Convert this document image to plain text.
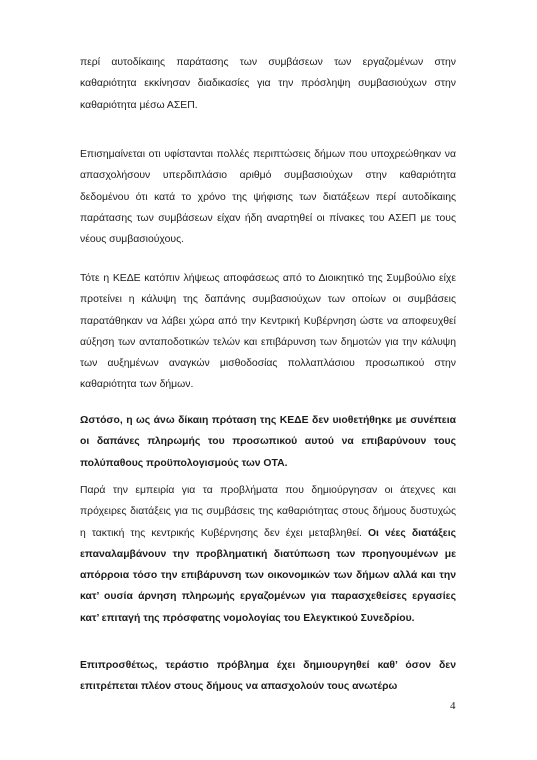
περί αυτοδίκαιης παράτασης των συμβάσεων των εργαζομένων στην καθαριότητα εκκίνησαν διαδικασίες για την πρόσληψη συμβασιούχων στην καθαριότητα μέσω ΑΣΕΠ.

Επισημαίνεται οτι υφίστανται πολλές περιπτώσεις δήμων που υποχρεώθηκαν να απασχολήσουν υπερδιπλάσιο αριθμό συμβασιούχων στην καθαριότητα δεδομένου ότι κατά το χρόνο της ψήφισης των διατάξεων περί αυτοδίκαιης παράτασης των συμβάσεων είχαν ήδη αναρτηθεί οι πίνακες του ΑΣΕΠ με τους νέους συμβασιούχους.

Τότε η ΚΕΔΕ κατόπιν λήψεως αποφάσεως από το Διοικητικό της Συμβούλιο είχε προτείνει η κάλυψη της δαπάνης συμβασιούχων των οποίων οι συμβάσεις παρατάθηκαν να λάβει χώρα από την Κεντρική Κυβέρνηση ώστε να αποφευχθεί αύξηση των ανταποδοτικών τελών και επιβάρυνση των δημοτών για την κάλυψη των αυξημένων αναγκών μισθοδοσίας πολλαπλάσιου προσωπικού στην καθαριότητα των δήμων.

Ωστόσο, η ως άνω δίκαιη πρόταση της ΚΕΔΕ δεν υιοθετήθηκε με συνέπεια οι δαπάνες πληρωμής του προσωπικού αυτού να επιβαρύνουν τους πολύπαθους προϋπολογισμούς των ΟΤΑ.

Παρά την εμπειρία για τα προβλήματα που δημιούργησαν οι άτεχνες και πρόχειρες διατάξεις για τις συμβάσεις της καθαριότητας στους δήμους δυστυχώς η τακτική της κεντρικής Κυβέρνησης δεν έχει μεταβληθεί. Οι νέες διατάξεις επαναλαμβάνουν την προβληματική διατύπωση των προηγουμένων με απόρροια τόσο την επιβάρυνση των οικονομικών των δήμων αλλά και την κατ’ ουσία άρνηση πληρωμής εργαζομένων για παρασχεθείσες εργασίες κατ’ επιταγή της πρόσφατης νομολογίας του Ελεγκτικού Συνεδρίου.

Επιπροσθέτως, τεράστιο πρόβλημα έχει δημιουργηθεί καθ’ όσον δεν επιτρέπεται πλέον στους δήμους να απασχολούν τους ανωτέρω

4
